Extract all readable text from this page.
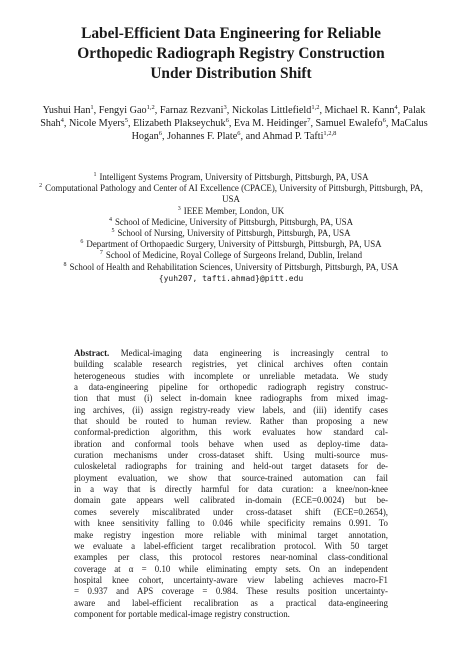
Label-Efficient Data Engineering for Reliable
Orthopedic Radiograph Registry Construction
Under Distribution Shift
Yushui Han$^1$, Fengyi Gao$^{1,2}$, Farnaz Rezvani$^3$, Nickolas Littlefield$^{1,2}$, Michael R. Kann$^4$, Palak Shah$^4$, Nicole Myers$^5$, Elizabeth Plakseychuk$^6$, Eva M. Heidinger$^7$, Samuel Ewalefo$^6$, MaCalus Hogan$^6$, Johannes F. Plate$^6$, and Ahmad P. Tafti$^{1,2,8}$
$^1$ Intelligent Systems Program, University of Pittsburgh, Pittsburgh, PA, USA
$^2$ Computational Pathology and Center of AI Excellence (CPACE), University of Pittsburgh, Pittsburgh, PA, USA
$^3$ IEEE Member, London, UK
$^4$ School of Medicine, University of Pittsburgh, Pittsburgh, PA, USA
$^5$ School of Nursing, University of Pittsburgh, Pittsburgh, PA, USA
$^6$ Department of Orthopaedic Surgery, University of Pittsburgh, Pittsburgh, PA, USA
$^7$ School of Medicine, Royal College of Surgeons Ireland, Dublin, Ireland
$^8$ School of Health and Rehabilitation Sciences, University of Pittsburgh, Pittsburgh, PA, USA
{yuh207, tafti.ahmad}@pitt.edu
Abstract. Medical-imaging data engineering is increasingly central to
building scalable research registries, yet clinical archives often contain
heterogeneous studies with incomplete or unreliable metadata. We study
a data-engineering pipeline for orthopedic radiograph registry construc-
tion that must (i) select in-domain knee radiographs from mixed imag-
ing archives, (ii) assign registry-ready view labels, and (iii) identify cases
that should be routed to human review. Rather than proposing a new
conformal-prediction algorithm, this work evaluates how standard cal-
ibration and conformal tools behave when used as deploy-time data-
curation mechanisms under cross-dataset shift. Using multi-source mus-
culoskeletal radiographs for training and held-out target datasets for de-
ployment evaluation, we show that source-trained automation can fail
in a way that is directly harmful for data curation: a knee/non-knee
domain gate appears well calibrated in-domain (ECE=0.0024) but be-
comes severely miscalibrated under cross-dataset shift (ECE=0.2654),
with knee sensitivity falling to 0.046 while specificity remains 0.991. To
make registry ingestion more reliable with minimal target annotation,
we evaluate a label-efficient target recalibration protocol. With 50 target
examples per class, this protocol restores near-nominal class-conditional
coverage at α = 0.10 while eliminating empty sets. On an independent
hospital knee cohort, uncertainty-aware view labeling achieves macro-F1
= 0.937 and APS coverage = 0.984. These results position uncertainty-
aware and label-efficient recalibration as a practical data-engineering
component for portable medical-image registry construction.
